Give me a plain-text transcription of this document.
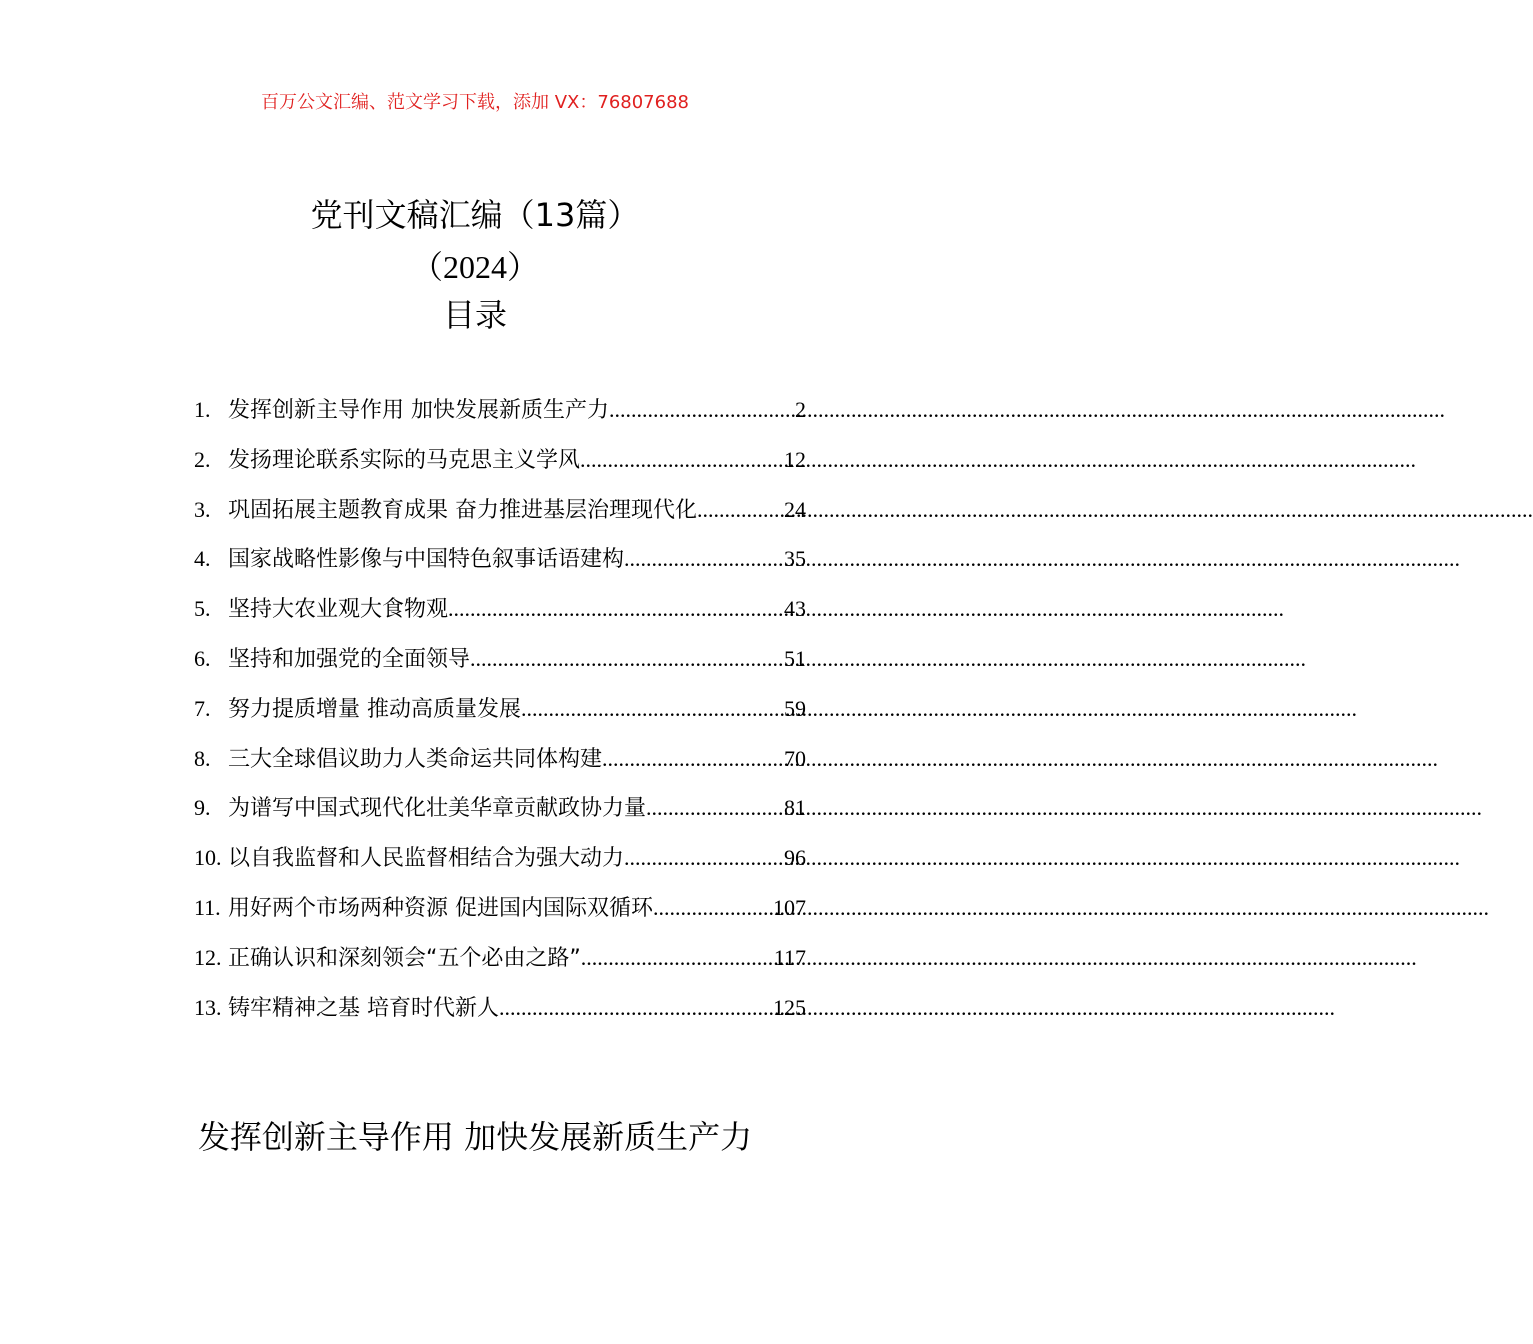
百万公文汇编、范文学习下载，添加 VX：76807688
党刊文稿汇编（13篇）
（2024）
目录
1. 发挥创新主导作用 加快发展新质生产力 .....	2
2. 发扬理论联系实际的马克思主义学风 .....	12
3. 巩固拓展主题教育成果 奋力推进基层治理现代化 .....	24
4. 国家战略性影像与中国特色叙事话语建构 .....	35
5. 坚持大农业观大食物观 .....	43
6. 坚持和加强党的全面领导 .....	51
7. 努力提质增量 推动高质量发展 .....	59
8. 三大全球倡议助力人类命运共同体构建 .....	70
9. 为谱写中国式现代化壮美华章贡献政协力量 .....	81
10. 以自我监督和人民监督相结合为强大动力 .....	96
11. 用好两个市场两种资源 促进国内国际双循环 .....	107
12. 正确认识和深刻领会“五个必由之路” .....	117
13. 铸牢精神之基 培育时代新人 .....	125
发挥创新主导作用 加快发展新质生产力
